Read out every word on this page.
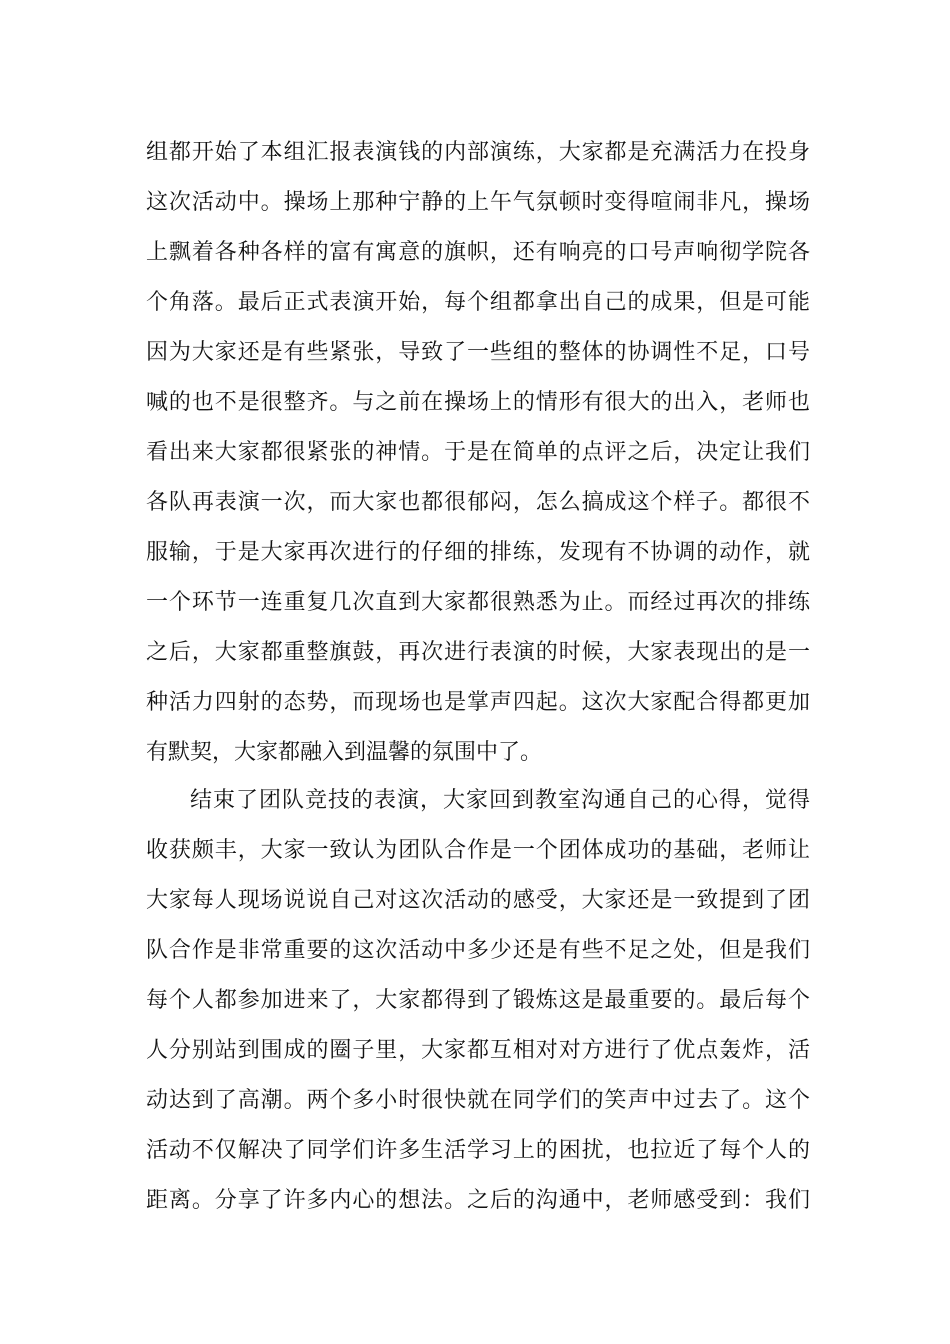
组都开始了本组汇报表演钱的内部演练，大家都是充满活力在投身
这次活动中。操场上那种宁静的上午气氛顿时变得喧闹非凡，操场
上飘着各种各样的富有寓意的旗帜，还有响亮的口号声响彻学院各
个角落。最后正式表演开始，每个组都拿出自己的成果，但是可能
因为大家还是有些紧张，导致了一些组的整体的协调性不足，口号
喊的也不是很整齐。与之前在操场上的情形有很大的出入，老师也
看出来大家都很紧张的神情。于是在简单的点评之后，决定让我们
各队再表演一次，而大家也都很郁闷，怎么搞成这个样子。都很不
服输，于是大家再次进行的仔细的排练，发现有不协调的动作，就
一个环节一连重复几次直到大家都很熟悉为止。而经过再次的排练
之后，大家都重整旗鼓，再次进行表演的时候，大家表现出的是一
种活力四射的态势，而现场也是掌声四起。这次大家配合得都更加
有默契，大家都融入到温馨的氛围中了。
结束了团队竞技的表演，大家回到教室沟通自己的心得，觉得
收获颇丰，大家一致认为团队合作是一个团体成功的基础，老师让
大家每人现场说说自己对这次活动的感受，大家还是一致提到了团
队合作是非常重要的这次活动中多少还是有些不足之处，但是我们
每个人都参加进来了，大家都得到了锻炼这是最重要的。最后每个
人分别站到围成的圈子里，大家都互相对对方进行了优点轰炸，活
动达到了高潮。两个多小时很快就在同学们的笑声中过去了。这个
活动不仅解决了同学们许多生活学习上的困扰，也拉近了每个人的
距离。分享了许多内心的想法。之后的沟通中，老师感受到：我们
